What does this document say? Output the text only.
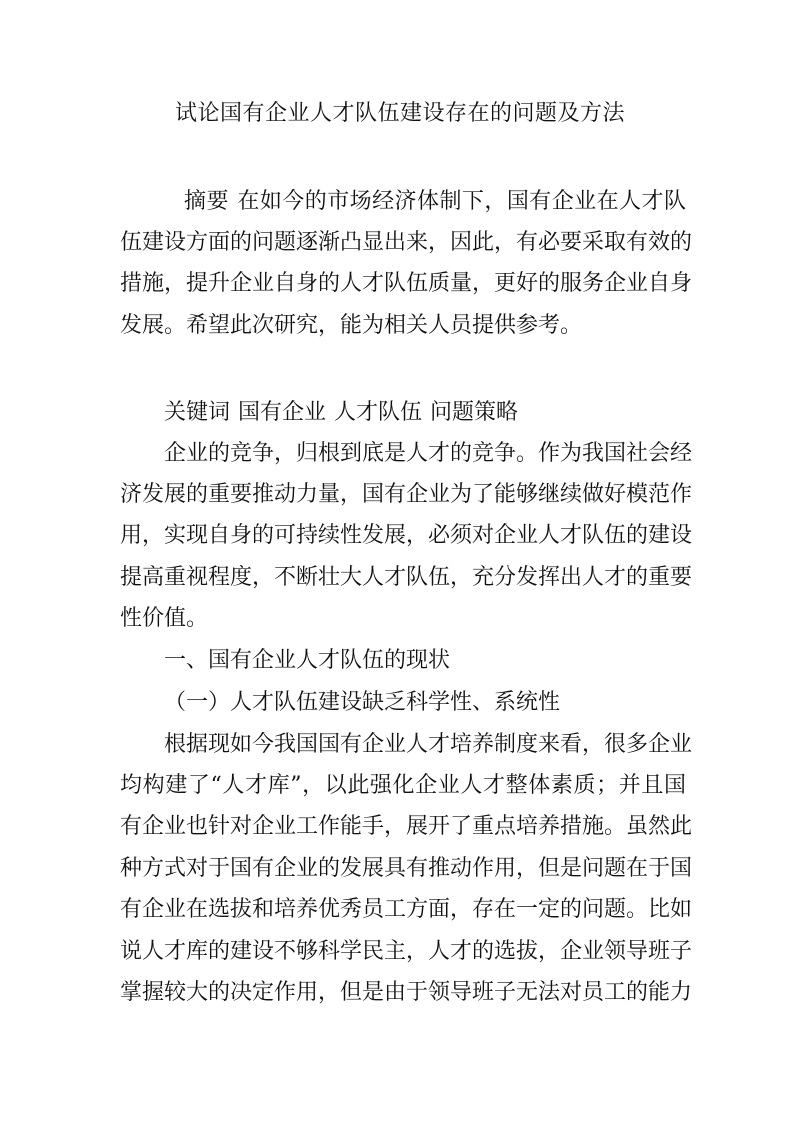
试论国有企业人才队伍建设存在的问题及方法
摘要 在如今的市场经济体制下，国有企业在人才队
伍建设方面的问题逐渐凸显出来，因此，有必要采取有效的
措施，提升企业自身的人才队伍质量，更好的服务企业自身
发展。希望此次研究，能为相关人员提供参考。
关键词 国有企业 人才队伍 问题策略
企业的竞争，归根到底是人才的竞争。作为我国社会经
济发展的重要推动力量，国有企业为了能够继续做好模范作
用，实现自身的可持续性发展，必须对企业人才队伍的建设
提高重视程度，不断壮大人才队伍，充分发挥出人才的重要
性价值。
一、国有企业人才队伍的现状
（一）人才队伍建设缺乏科学性、系统性
根据现如今我国国有企业人才培养制度来看，很多企业
均构建了“人才库”，以此强化企业人才整体素质；并且国
有企业也针对企业工作能手，展开了重点培养措施。虽然此
种方式对于国有企业的发展具有推动作用，但是问题在于国
有企业在选拔和培养优秀员工方面，存在一定的问题。比如
说人才库的建设不够科学民主，人才的选拔，企业领导班子
掌握较大的决定作用，但是由于领导班子无法对员工的能力
